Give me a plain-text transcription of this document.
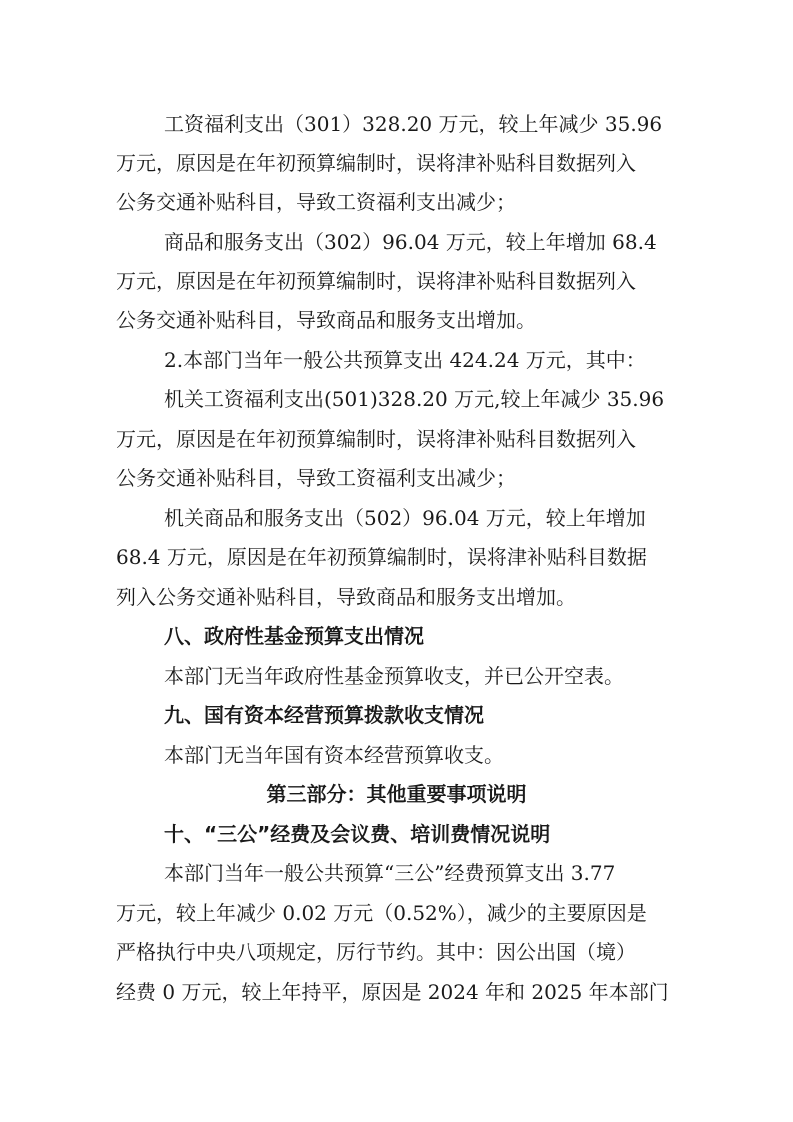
工资福利支出（301）328.20 万元，较上年减少 35.96
万元，原因是在年初预算编制时，误将津补贴科目数据列入
公务交通补贴科目，导致工资福利支出减少；
商品和服务支出（302）96.04 万元，较上年增加 68.4
万元，原因是在年初预算编制时，误将津补贴科目数据列入
公务交通补贴科目，导致商品和服务支出增加。
2.本部门当年一般公共预算支出 424.24 万元，其中：
机关工资福利支出(501)328.20 万元,较上年减少 35.96
万元，原因是在年初预算编制时，误将津补贴科目数据列入
公务交通补贴科目，导致工资福利支出减少；
机关商品和服务支出（502）96.04 万元，较上年增加
68.4 万元，原因是在年初预算编制时，误将津补贴科目数据
列入公务交通补贴科目，导致商品和服务支出增加。
八、政府性基金预算支出情况
本部门无当年政府性基金预算收支，并已公开空表。
九、国有资本经营预算拨款收支情况
本部门无当年国有资本经营预算收支。
第三部分：其他重要事项说明
十、“三公”经费及会议费、培训费情况说明
本部门当年一般公共预算“三公”经费预算支出 3.77
万元，较上年减少 0.02 万元（0.52%），减少的主要原因是
严格执行中央八项规定，厉行节约。其中：因公出国（境）
经费 0 万元，较上年持平，原因是 2024 年和 2025 年本部门
